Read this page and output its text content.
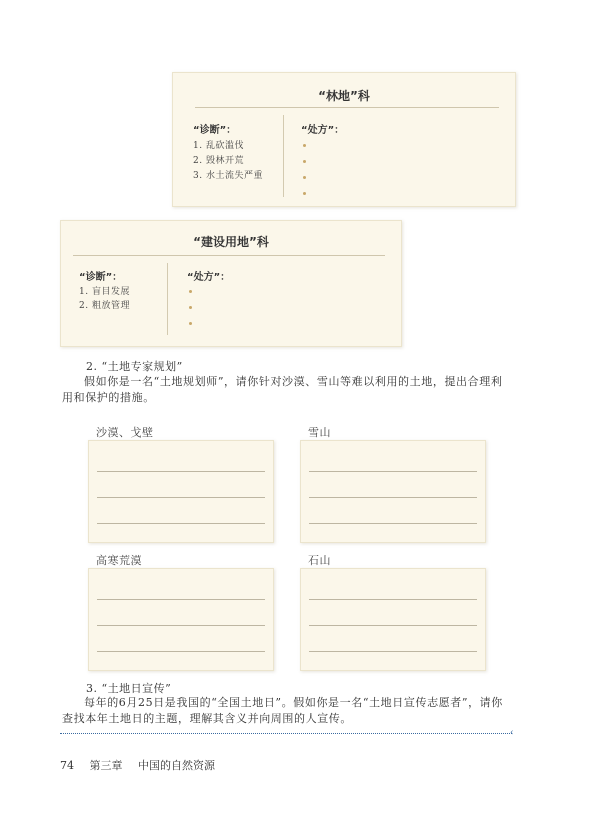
“林地”科
“诊断”：
1. 乱砍滥伐
2. 毁林开荒
3. 水土流失严重
“处方”：
“建设用地”科
“诊断”：
1. 盲目发展
2. 粗放管理
“处方”：
2. “土地专家规划”
假如你是一名“土地规划师”，请你针对沙漠、雪山等难以利用的土地，提出合理利用和保护的措施。
沙漠、戈壁	雪山
高寒荒漠	石山
3. “土地日宣传”
每年的6月25日是我国的“全国土地日”。假如你是一名“土地日宣传志愿者”，请你查找本年土地日的主题，理解其含义并向周围的人宣传。
‹
74 第三章 中国的自然资源
